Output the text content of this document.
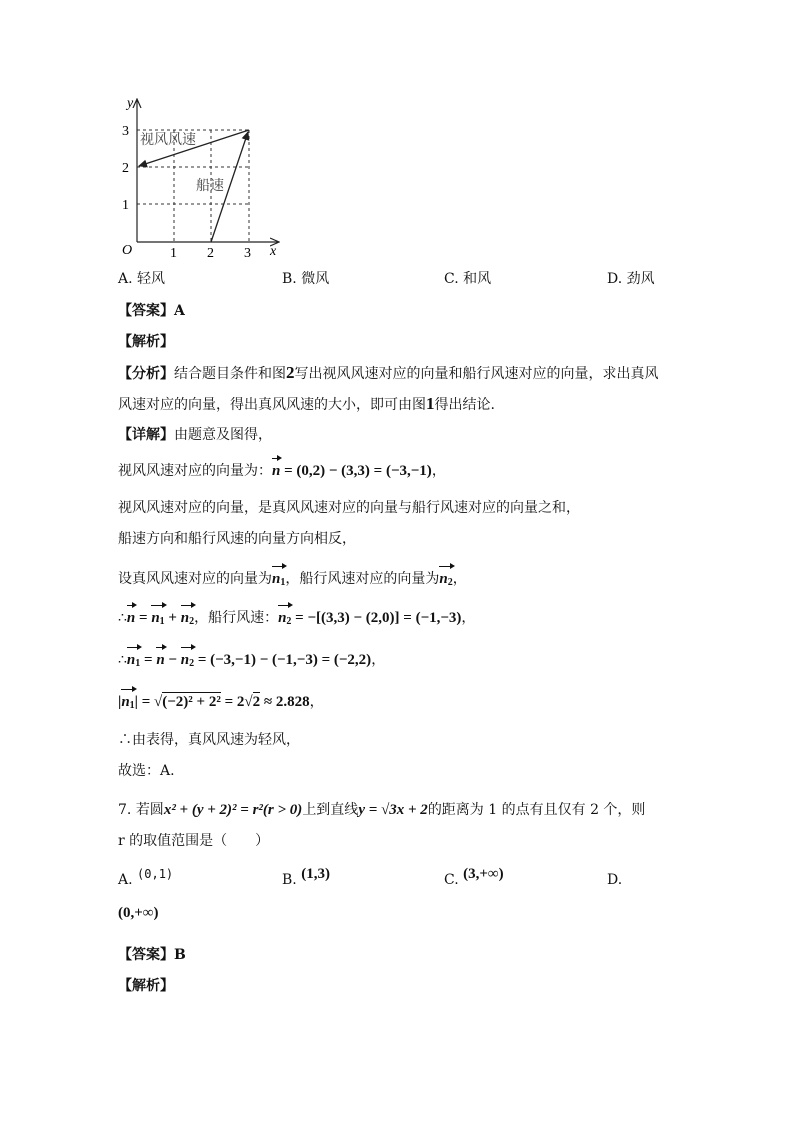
y
x
O
1
2
3
1 2 3
视风风速
船速
A. 轻风	B. 微风	C. 和风	D. 劲风
【答案】A
【解析】
【分析】结合题目条件和图2写出视风风速对应的向量和船行风速对应的向量，求出真风
风速对应的向量，得出真风风速的大小，即可由图1得出结论.
【详解】由题意及图得，
视风风速对应的向量为：n = (0,2) − (3,3) = (−3,−1)，
视风风速对应的向量，是真风风速对应的向量与船行风速对应的向量之和，
船速方向和船行风速的向量方向相反，
设真风风速对应的向量为$n_1$，船行风速对应的向量为$n_2$，
∴n = $n_1 + n_2$，船行风速：$n_2 = -[(3,3) - (2,0)] = (-1,-3)$，
$\therefore n_1 = n - n_2 = (-3,-1) - (-1,-3) = (-2,2)$，
$|n_1| = √(-2)^2 + 2^2 = 2√2 \approx 2.828$，
∴由表得，真风风速为轻风，
故选：A.
7. 若圆x² + (y + 2)² = r²(r > 0)上到直线y = √3x + 2的距离为 1 的点有且仅有 2 个，则
r 的取值范围是（　　）
A. (0,1)	B. (1,3)	C. (3,+∞)	D.
(0,+∞)
【答案】B
【解析】
